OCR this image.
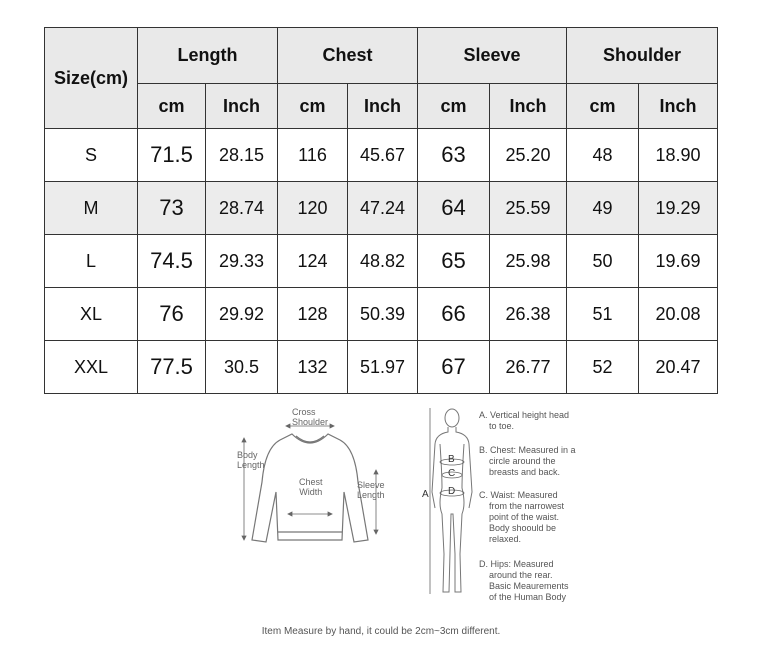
Size(cm)	Length		Chest		Sleeve		Shoulder	
	cm	Inch	cm	Inch	cm	Inch	cm	Inch
S	71.5	28.15	116	45.67	63	25.20	48	18.90
M	73	28.74	120	47.24	64	25.59	49	19.29
L	74.5	29.33	124	48.82	65	25.98	50	19.69
XL	76	29.92	128	50.39	66	26.38	51	20.08
XXL	77.5	30.5	132	51.97	67	26.77	52	20.47
Cross
Shoulder
Body
Length
Chest
Width
Sleeve
Length	A
B
C
D
A. Vertical height head
to toe.
B. Chest: Measured in a
circle around the
breasts and back.
C. Waist: Measured
from the narrowest
point of the waist.
Body shoould be
relaxed.
D. Hips: Measured
around the rear.
Basic Meaurements
of the Human Body
Item Measure by hand, it could be 2cm~3cm different.
